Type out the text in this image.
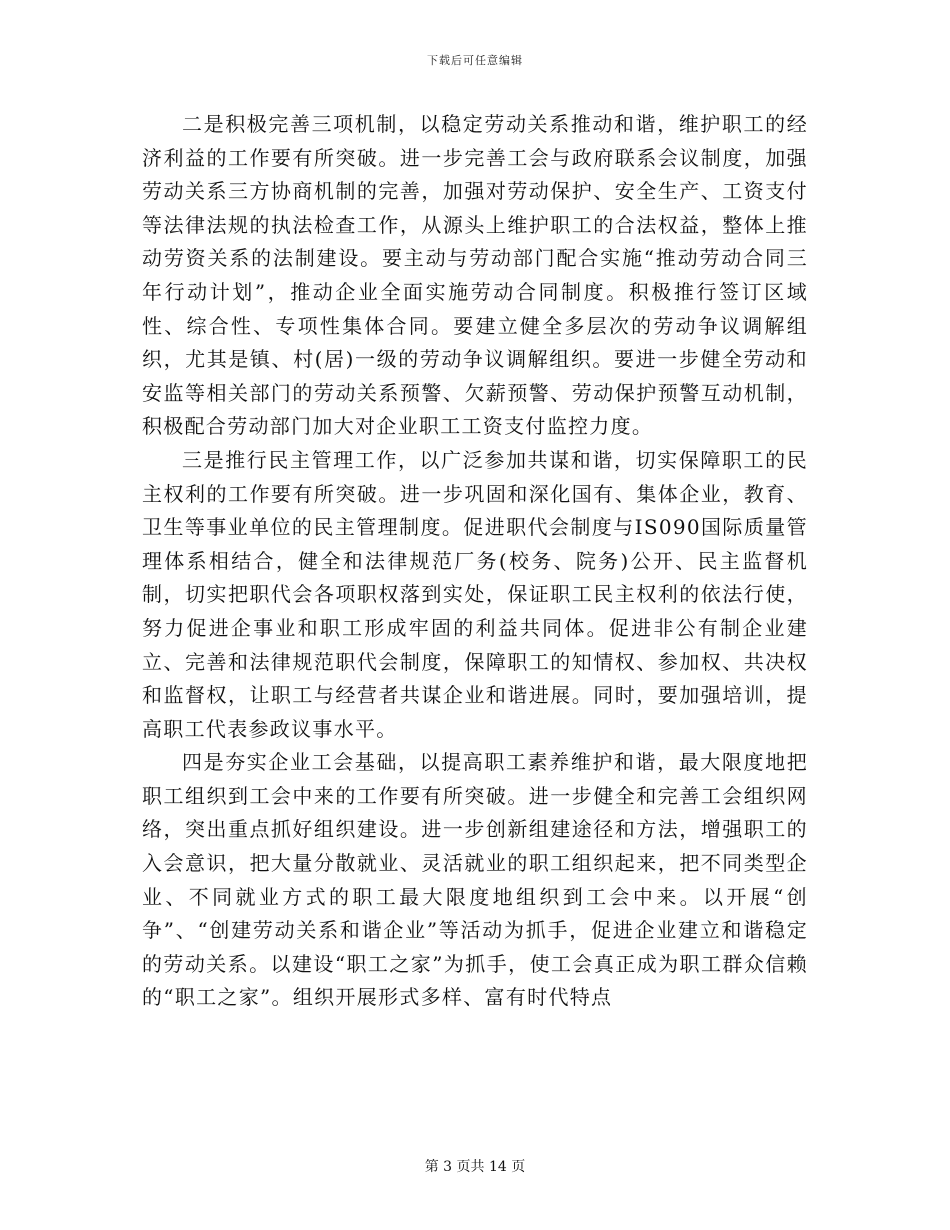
下载后可任意编辑

二是积极完善三项机制，以稳定劳动关系推动和谐，维护职工的经济利益的工作要有所突破。进一步完善工会与政府联系会议制度，加强劳动关系三方协商机制的完善，加强对劳动保护、安全生产、工资支付等法律法规的执法检查工作，从源头上维护职工的合法权益，整体上推动劳资关系的法制建设。要主动与劳动部门配合实施“推动劳动合同三年行动计划”，推动企业全面实施劳动合同制度。积极推行签订区域性、综合性、专项性集体合同。要建立健全多层次的劳动争议调解组织，尤其是镇、村(居)一级的劳动争议调解组织。要进一步健全劳动和安监等相关部门的劳动关系预警、欠薪预警、劳动保护预警互动机制，积极配合劳动部门加大对企业职工工资支付监控力度。

三是推行民主管理工作，以广泛参加共谋和谐，切实保障职工的民主权利的工作要有所突破。进一步巩固和深化国有、集体企业，教育、卫生等事业单位的民主管理制度。促进职代会制度与IS090国际质量管理体系相结合，健全和法律规范厂务(校务、院务)公开、民主监督机制，切实把职代会各项职权落到实处，保证职工民主权利的依法行使，努力促进企事业和职工形成牢固的利益共同体。促进非公有制企业建立、完善和法律规范职代会制度，保障职工的知情权、参加权、共决权和监督权，让职工与经营者共谋企业和谐进展。同时，要加强培训，提高职工代表参政议事水平。

四是夯实企业工会基础，以提高职工素养维护和谐，最大限度地把职工组织到工会中来的工作要有所突破。进一步健全和完善工会组织网络，突出重点抓好组织建设。进一步创新组建途径和方法，增强职工的入会意识，把大量分散就业、灵活就业的职工组织起来，把不同类型企业、不同就业方式的职工最大限度地组织到工会中来。以开展“创争”、“创建劳动关系和谐企业”等活动为抓手，促进企业建立和谐稳定的劳动关系。以建设“职工之家”为抓手，使工会真正成为职工群众信赖的“职工之家”。组织开展形式多样、富有时代特点

第 3 页共 14 页
